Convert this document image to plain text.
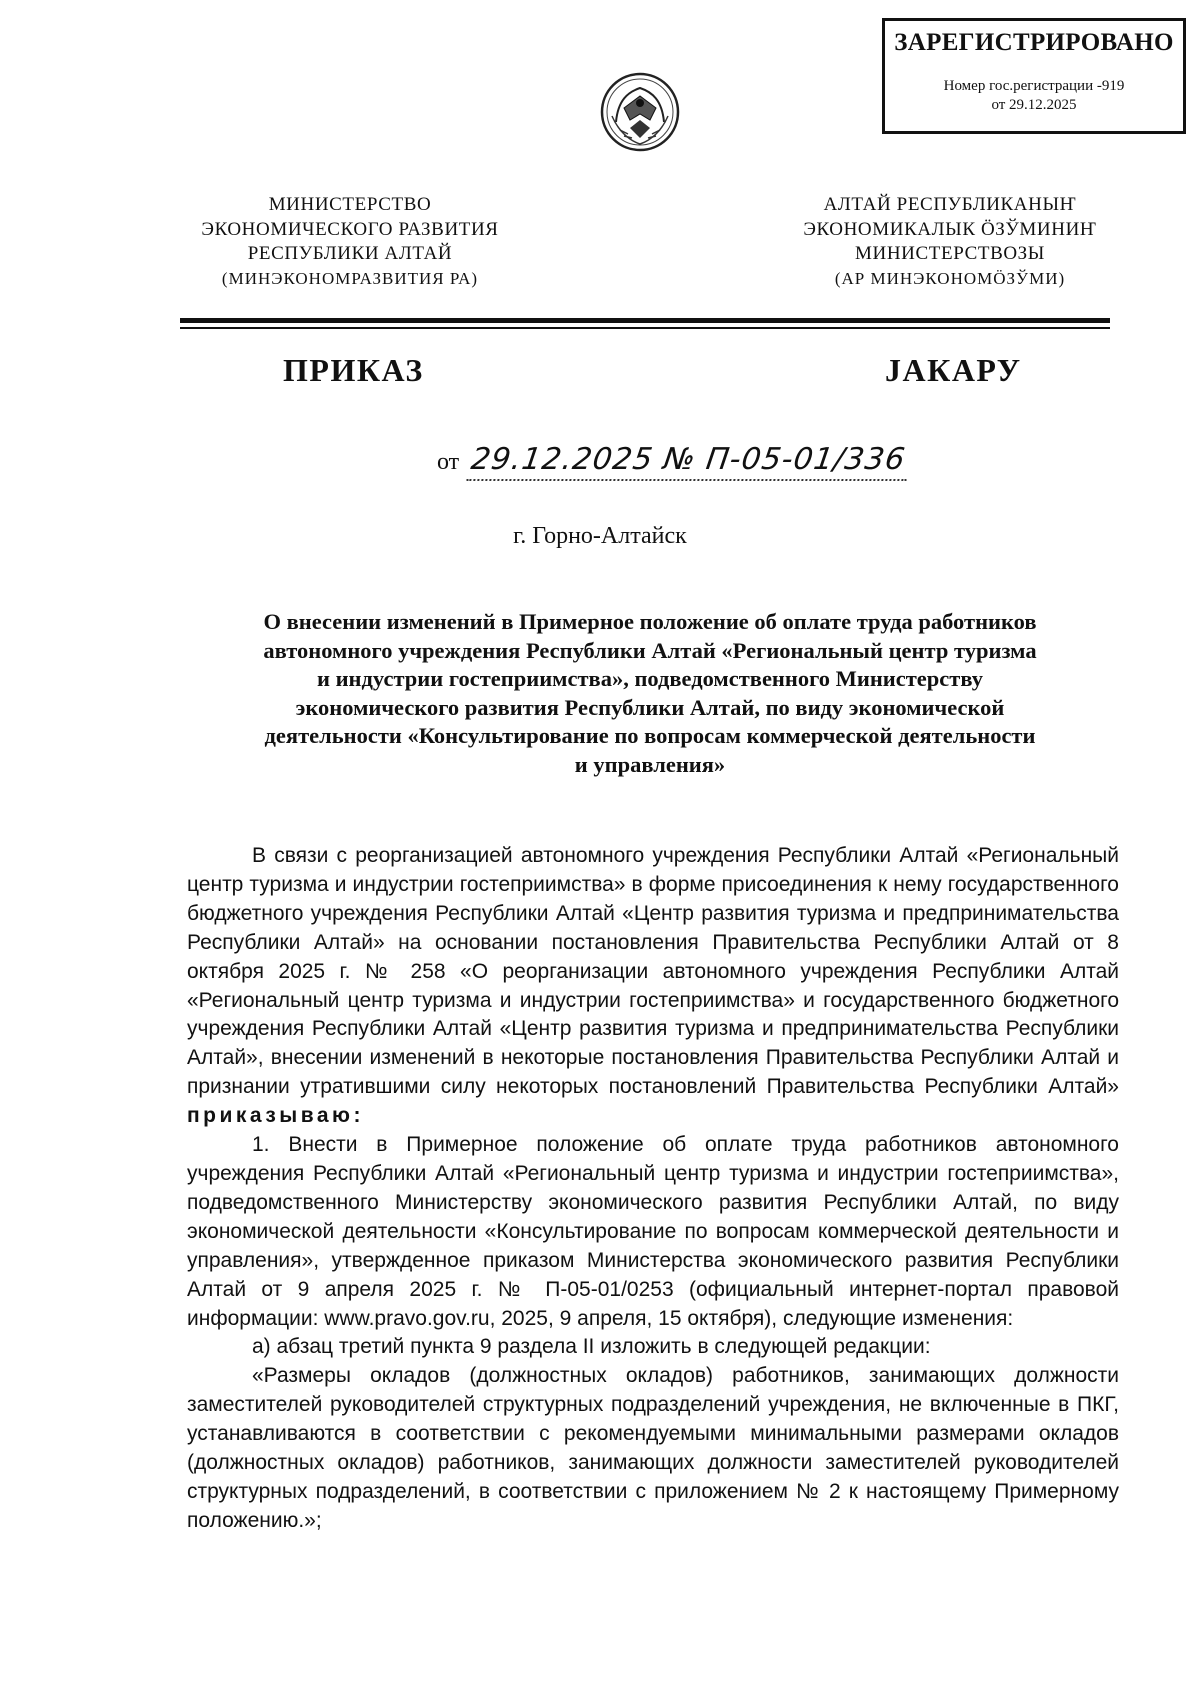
ЗАРЕГИСТРИРОВАНО
Номер гос.регистрации -919
от 29.12.2025
МИНИСТЕРСТВО
ЭКОНОМИЧЕСКОГО РАЗВИТИЯ
РЕСПУБЛИКИ АЛТАЙ
(МИНЭКОНОМРАЗВИТИЯ РА)
АЛТАЙ РЕСПУБЛИКАНЫҤ
ЭКОНОМИКАЛЫК ÖЗЎМИНИҤ
МИНИСТЕРСТВОЗЫ
(АР МИНЭКОНОМÖЗЎМИ)
ПРИКАЗ	ЈАКАРУ
от 29.12.2025 № П-05-01/336
г. Горно-Алтайск
О внесении изменений в Примерное положение об оплате труда работников
автономного учреждения Республики Алтай «Региональный центр туризма
и индустрии гостеприимства», подведомственного Министерству
экономического развития Республики Алтай, по виду экономической
деятельности «Консультирование по вопросам коммерческой деятельности
и управления»

В связи с реорганизацией автономного учреждения Республики Алтай «Региональный центр туризма и индустрии гостеприимства» в форме присоединения к нему государственного бюджетного учреждения Республики Алтай «Центр развития туризма и предпринимательства Республики Алтай» на основании постановления Правительства Республики Алтай от 8 октября 2025 г. № 258 «О реорганизации автономного учреждения Республики Алтай «Региональный центр туризма и индустрии гостеприимства» и государственного бюджетного учреждения Республики Алтай «Центр развития туризма и предпринимательства Республики Алтай», внесении изменений в некоторые постановления Правительства Республики Алтай и признании утратившими силу некоторых постановлений Правительства Республики Алтай» приказываю:

1. Внести в Примерное положение об оплате труда работников автономного учреждения Республики Алтай «Региональный центр туризма и индустрии гостеприимства», подведомственного Министерству экономического развития Республики Алтай, по виду экономической деятельности «Консультирование по вопросам коммерческой деятельности и управления», утвержденное приказом Министерства экономического развития Республики Алтай от 9 апреля 2025 г. № П-05-01/0253 (официальный интернет-портал правовой информации: www.pravo.gov.ru, 2025, 9 апреля, 15 октября), следующие изменения:

а) абзац третий пункта 9 раздела II изложить в следующей редакции:

«Размеры окладов (должностных окладов) работников, занимающих должности заместителей руководителей структурных подразделений учреждения, не включенные в ПКГ, устанавливаются в соответствии с рекомендуемыми минимальными размерами окладов (должностных окладов) работников, занимающих должности заместителей руководителей структурных подразделений, в соответствии с приложением № 2 к настоящему Примерному положению.»;
